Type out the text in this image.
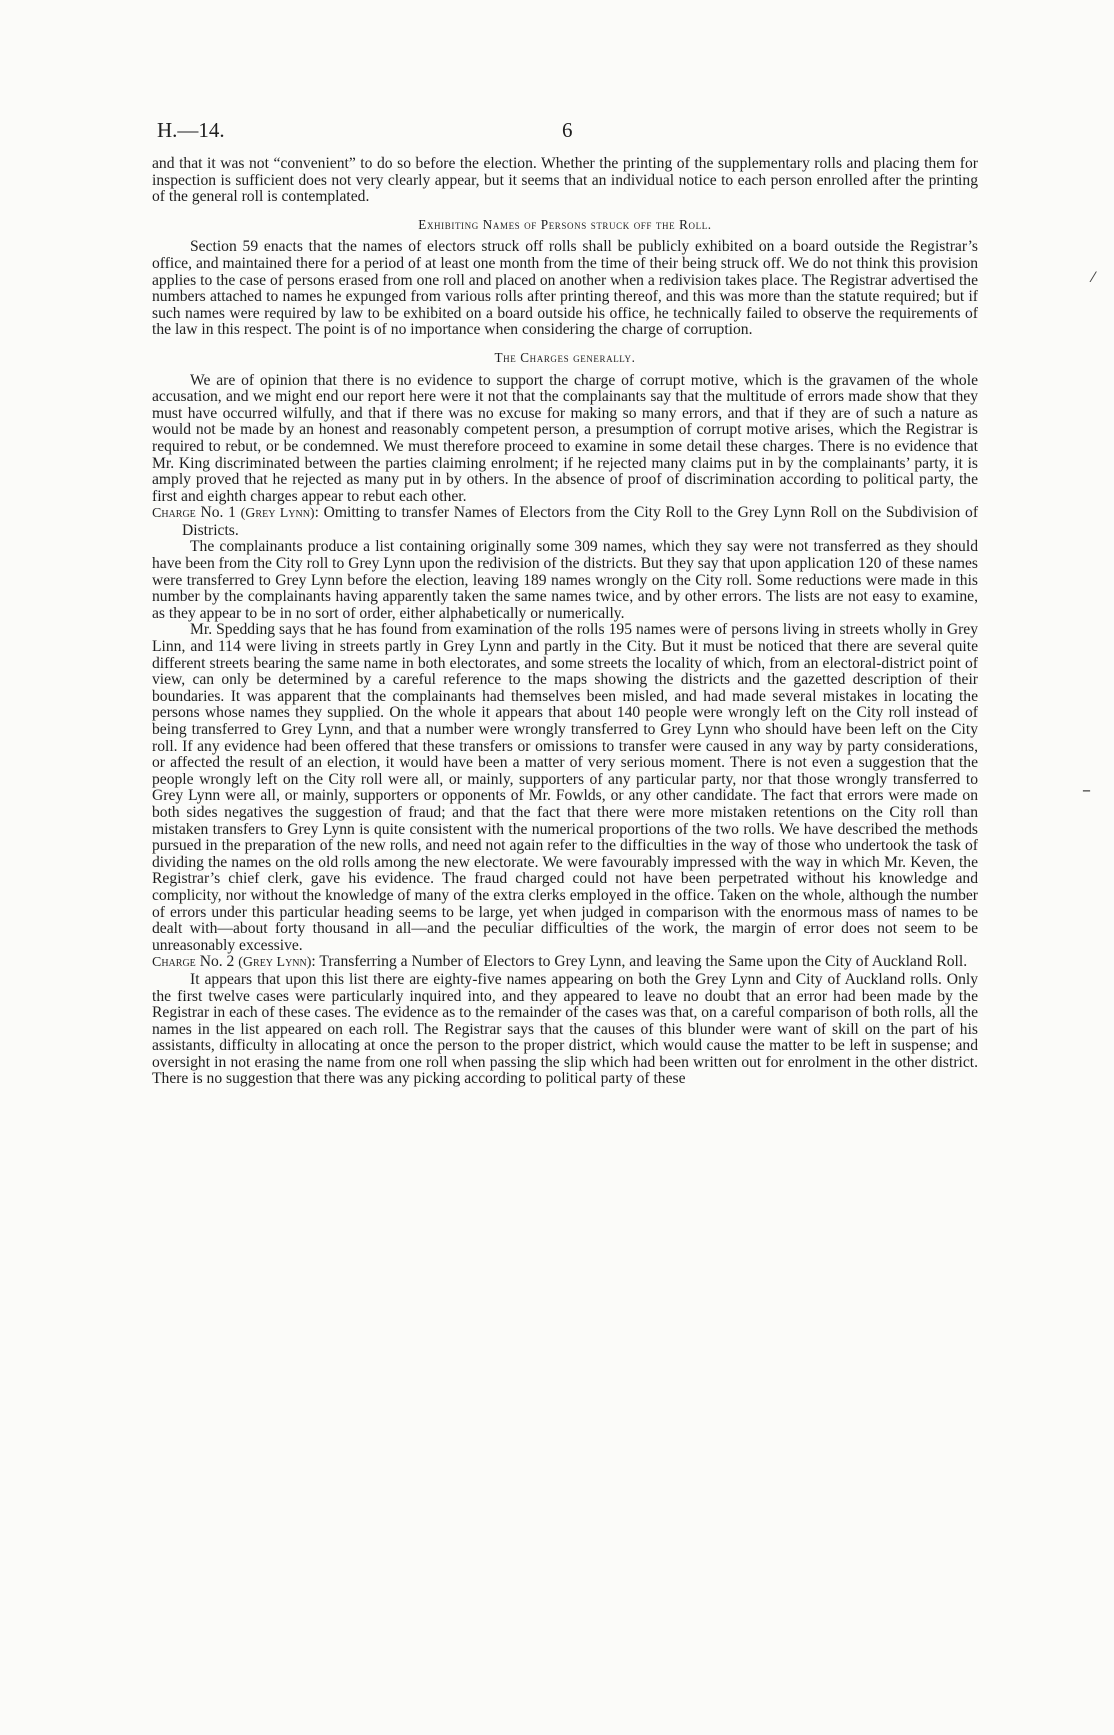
H.—14.	6
⁄
–

and that it was not “convenient” to do so before the election. Whether the printing of the supplementary rolls and placing them for inspection is sufficient does not very clearly appear, but it seems that an individual notice to each person enrolled after the printing of the general roll is contemplated.

Exhibiting Names of Persons struck off the Roll.

Section 59 enacts that the names of electors struck off rolls shall be publicly exhibited on a board outside the Registrar’s office, and maintained there for a period of at least one month from the time of their being struck off. We do not think this provision applies to the case of persons erased from one roll and placed on another when a redivision takes place. The Registrar advertised the numbers attached to names he expunged from various rolls after printing thereof, and this was more than the statute required; but if such names were required by law to be exhibited on a board outside his office, he technically failed to observe the requirements of the law in this respect. The point is of no importance when considering the charge of corruption.

The Charges generally.

We are of opinion that there is no evidence to support the charge of corrupt motive, which is the gravamen of the whole accusation, and we might end our report here were it not that the complainants say that the multitude of errors made show that they must have occurred wilfully, and that if there was no excuse for making so many errors, and that if they are of such a nature as would not be made by an honest and reasonably competent person, a presumption of corrupt motive arises, which the Registrar is required to rebut, or be condemned. We must therefore proceed to examine in some detail these charges. There is no evidence that Mr. King discriminated between the parties claiming enrolment; if he rejected many claims put in by the complainants’ party, it is amply proved that he rejected as many put in by others. In the absence of proof of discrimination according to political party, the first and eighth charges appear to rebut each other.

Charge No. 1 (Grey Lynn): Omitting to transfer Names of Electors from the City Roll to the Grey Lynn Roll on the Subdivision of Districts.

The complainants produce a list containing originally some 309 names, which they say were not transferred as they should have been from the City roll to Grey Lynn upon the redivision of the districts. But they say that upon application 120 of these names were transferred to Grey Lynn before the election, leaving 189 names wrongly on the City roll. Some reductions were made in this number by the complainants having apparently taken the same names twice, and by other errors. The lists are not easy to examine, as they appear to be in no sort of order, either alphabetically or numerically.

Mr. Spedding says that he has found from examination of the rolls 195 names were of persons living in streets wholly in Grey Linn, and 114 were living in streets partly in Grey Lynn and partly in the City. But it must be noticed that there are several quite different streets bearing the same name in both electorates, and some streets the locality of which, from an electoral-district point of view, can only be determined by a careful reference to the maps showing the districts and the gazetted description of their boundaries. It was apparent that the complainants had themselves been misled, and had made several mistakes in locating the persons whose names they supplied. On the whole it appears that about 140 people were wrongly left on the City roll instead of being transferred to Grey Lynn, and that a number were wrongly transferred to Grey Lynn who should have been left on the City roll. If any evidence had been offered that these transfers or omissions to transfer were caused in any way by party considerations, or affected the result of an election, it would have been a matter of very serious moment. There is not even a suggestion that the people wrongly left on the City roll were all, or mainly, supporters of any particular party, nor that those wrongly transferred to Grey Lynn were all, or mainly, supporters or opponents of Mr. Fowlds, or any other candidate. The fact that errors were made on both sides negatives the suggestion of fraud; and that the fact that there were more mistaken retentions on the City roll than mistaken transfers to Grey Lynn is quite consistent with the numerical proportions of the two rolls. We have described the methods pursued in the preparation of the new rolls, and need not again refer to the difficulties in the way of those who undertook the task of dividing the names on the old rolls among the new electorate. We were favourably impressed with the way in which Mr. Keven, the Registrar’s chief clerk, gave his evidence. The fraud charged could not have been perpetrated without his knowledge and complicity, nor without the knowledge of many of the extra clerks employed in the office. Taken on the whole, although the number of errors under this particular heading seems to be large, yet when judged in comparison with the enormous mass of names to be dealt with—about forty thousand in all—and the peculiar difficulties of the work, the margin of error does not seem to be unreasonably excessive.

Charge No. 2 (Grey Lynn): Transferring a Number of Electors to Grey Lynn, and leaving the Same upon the City of Auckland Roll.

It appears that upon this list there are eighty-five names appearing on both the Grey Lynn and City of Auckland rolls. Only the first twelve cases were particularly inquired into, and they appeared to leave no doubt that an error had been made by the Registrar in each of these cases. The evidence as to the remainder of the cases was that, on a careful comparison of both rolls, all the names in the list appeared on each roll. The Registrar says that the causes of this blunder were want of skill on the part of his assistants, difficulty in allocating at once the person to the proper district, which would cause the matter to be left in suspense; and oversight in not erasing the name from one roll when passing the slip which had been written out for enrolment in the other district. There is no suggestion that there was any picking according to political party of these
